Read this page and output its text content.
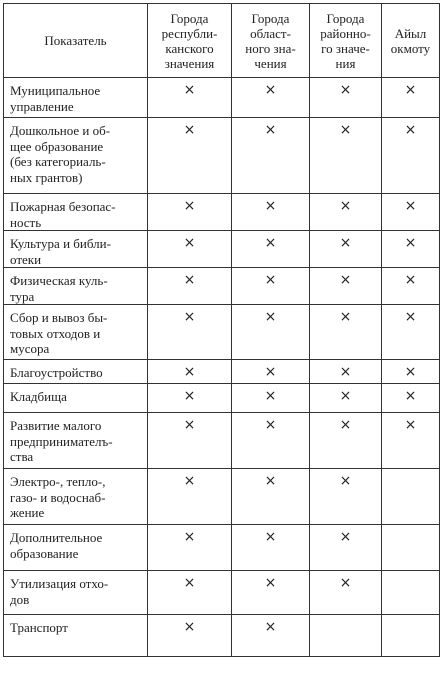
Показатель	Города
республи-
канского
значения	Города
област-
ного зна-
чения	Города
районно-
го значе-
ния	Айыл
окмоту

Муниципальное
управление	×	×	×	×

Дошкольное и об-
щее образование
(без категориаль-
ных грантов)	×	×	×	×

Пожарная безопас-
ность	×	×	×	×

Культура и библи-
отеки	×	×	×	×

Физическая куль-
тура	×	×	×	×

Сбор и вывоз бы-
товых отходов и
мусора	×	×	×	×

Благоустройство	×	×	×	×

Кладбища	×	×	×	×

Развитие малого
предпринимателъ-
ства	×	×	×	×

Электро-, тепло-,
газо- и водоснаб-
жение	×	×	×	

Дополнительное
образование	×	×	×	

Утилизация отхо-
дов	×	×	×	

Транспорт	×	×		
